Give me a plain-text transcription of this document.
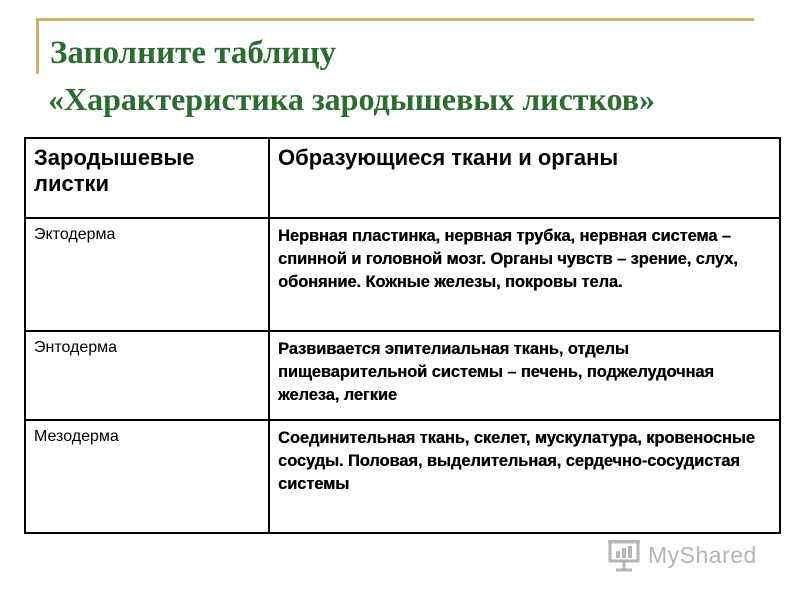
Заполните таблицу
«Характеристика зародышевых листков»
Зародышевые листки	Образующиеся ткани и органы
Эктодерма	Нервная пластинка, нервная трубка, нервная система – спинной и головной мозг. Органы чувств – зрение, слух, обоняние. Кожные железы, покровы тела.
Энтодерма	Развивается эпителиальная ткань, отделы пищеварительной системы – печень, поджелудочная железа, легкие
Мезодерма	Соединительная ткань, скелет, мускулатура, кровеносные сосуды. Половая, выделительная, сердечно-сосудистая системы
MyShared
